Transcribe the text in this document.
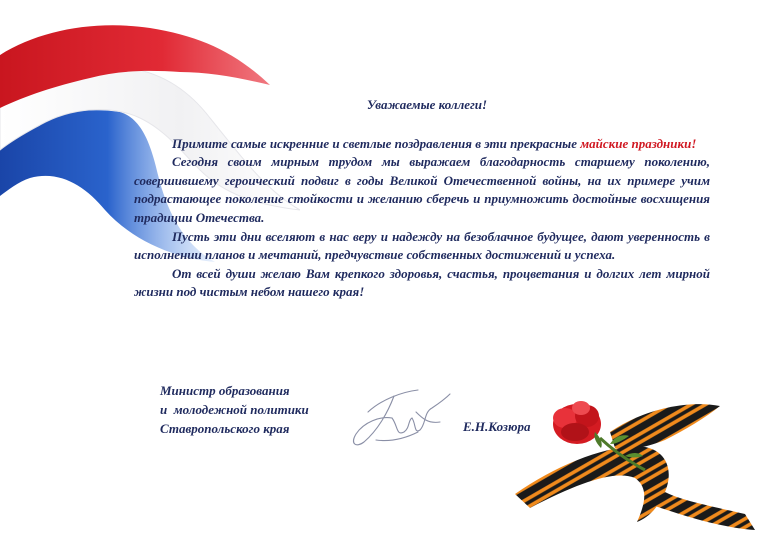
Уважаемые коллеги!

Примите самые искренние и светлые поздравления в эти прекрасные майские праздники!

Сегодня своим мирным трудом мы выражаем благодарность старшему поколению, совершившему героический подвиг в годы Великой Отечественной войны, на их примере учим подрастающее поколение стойкости и желанию сберечь и приумножить достойные восхищения традиции Отечества.

Пусть эти дни вселяют в нас веру и надежду на безоблачное будущее, дают уверенность в исполнении планов и мечтаний, предчувствие собственных достижений и успеха.

От всей души желаю Вам крепкого здоровья, счастья, процветания и долгих лет мирной жизни под чистым небом нашего края!

Министр образования
и  молодежной политики
Ставропольского края	Е.Н.Козюра
